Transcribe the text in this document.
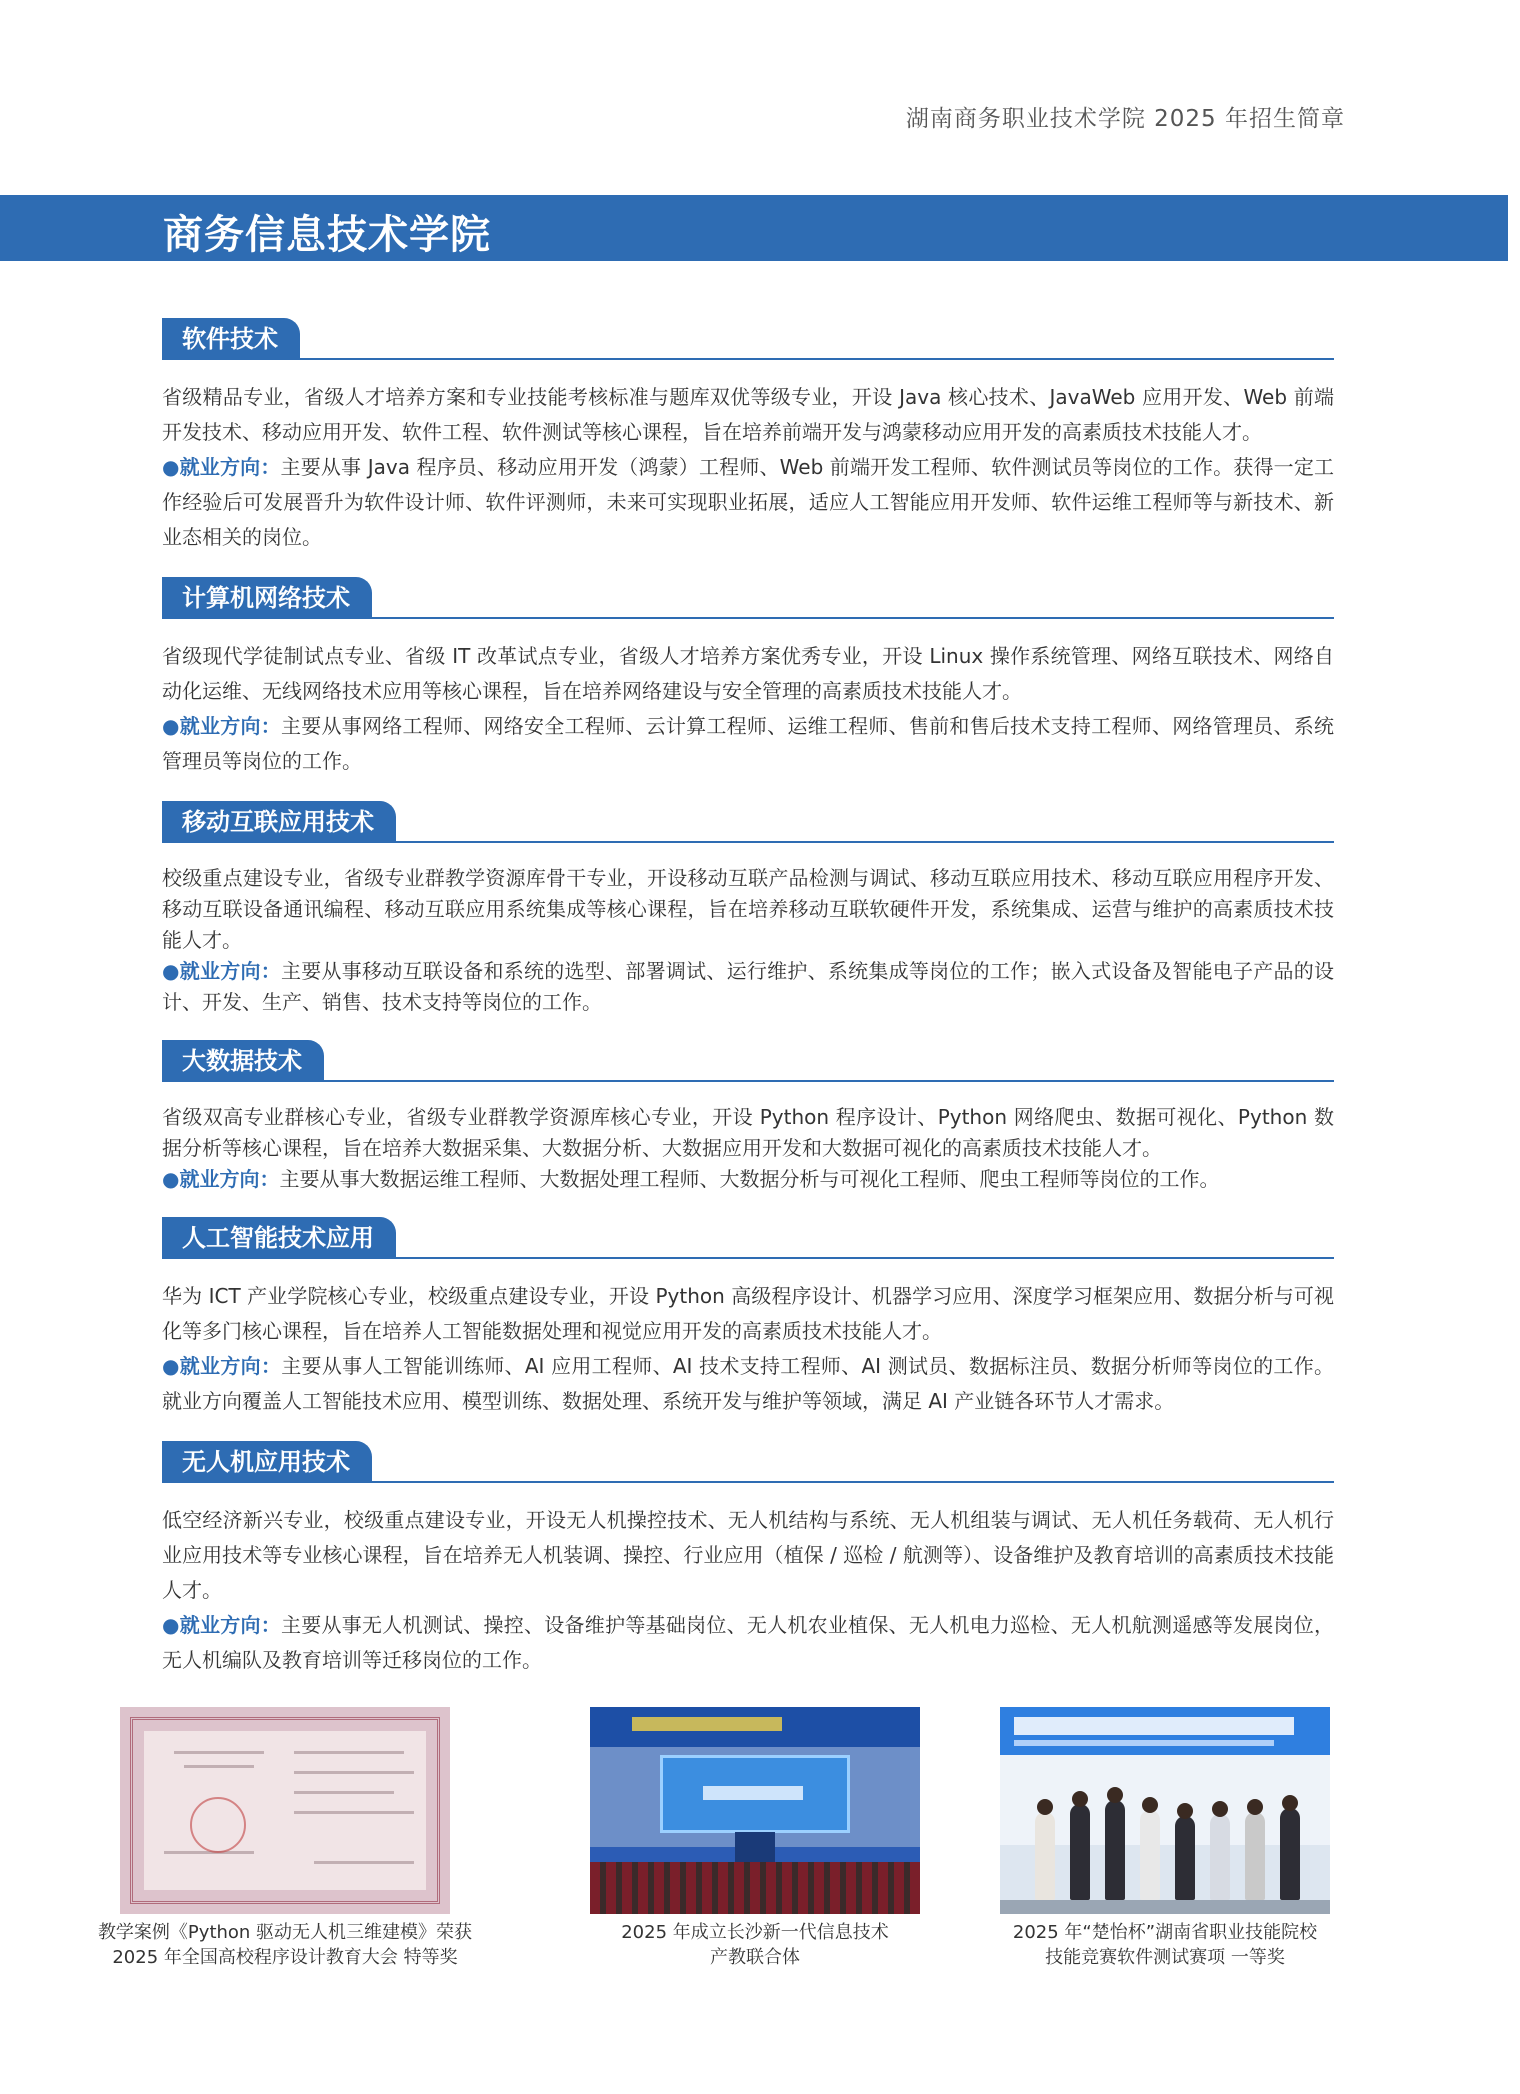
湖南商务职业技术学院 2025 年招生简章
商务信息技术学院
软件技术

省级精品专业，省级人才培养方案和专业技能考核标准与题库双优等级专业，开设 Java 核心技术、JavaWeb 应用开发、Web 前端开发技术、移动应用开发、软件工程、软件测试等核心课程，旨在培养前端开发与鸿蒙移动应用开发的高素质技术技能人才。

●就业方向：主要从事 Java 程序员、移动应用开发（鸿蒙）工程师、Web 前端开发工程师、软件测试员等岗位的工作。获得一定工作经验后可发展晋升为软件设计师、软件评测师，未来可实现职业拓展，适应人工智能应用开发师、软件运维工程师等与新技术、新业态相关的岗位。

计算机网络技术

省级现代学徒制试点专业、省级 IT 改革试点专业，省级人才培养方案优秀专业，开设 Linux 操作系统管理、网络互联技术、网络自动化运维、无线网络技术应用等核心课程，旨在培养网络建设与安全管理的高素质技术技能人才。

●就业方向：主要从事网络工程师、网络安全工程师、云计算工程师、运维工程师、售前和售后技术支持工程师、网络管理员、系统管理员等岗位的工作。

移动互联应用技术

校级重点建设专业，省级专业群教学资源库骨干专业，开设移动互联产品检测与调试、移动互联应用技术、移动互联应用程序开发、移动互联设备通讯编程、移动互联应用系统集成等核心课程，旨在培养移动互联软硬件开发，系统集成、运营与维护的高素质技术技能人才。

●就业方向：主要从事移动互联设备和系统的选型、部署调试、运行维护、系统集成等岗位的工作；嵌入式设备及智能电子产品的设计、开发、生产、销售、技术支持等岗位的工作。

大数据技术

省级双高专业群核心专业，省级专业群教学资源库核心专业，开设 Python 程序设计、Python 网络爬虫、数据可视化、Python 数据分析等核心课程，旨在培养大数据采集、大数据分析、大数据应用开发和大数据可视化的高素质技术技能人才。

●就业方向：主要从事大数据运维工程师、大数据处理工程师、大数据分析与可视化工程师、爬虫工程师等岗位的工作。

人工智能技术应用

华为 ICT 产业学院核心专业，校级重点建设专业，开设 Python 高级程序设计、机器学习应用、深度学习框架应用、数据分析与可视化等多门核心课程，旨在培养人工智能数据处理和视觉应用开发的高素质技术技能人才。

●就业方向：主要从事人工智能训练师、AI 应用工程师、AI 技术支持工程师、AI 测试员、数据标注员、数据分析师等岗位的工作。就业方向覆盖人工智能技术应用、模型训练、数据处理、系统开发与维护等领域，满足 AI 产业链各环节人才需求。

无人机应用技术

低空经济新兴专业，校级重点建设专业，开设无人机操控技术、无人机结构与系统、无人机组装与调试、无人机任务载荷、无人机行业应用技术等专业核心课程，旨在培养无人机装调、操控、行业应用（植保 / 巡检 / 航测等）、设备维护及教育培训的高素质技术技能人才。

●就业方向：主要从事无人机测试、操控、设备维护等基础岗位、无人机农业植保、无人机电力巡检、无人机航测遥感等发展岗位，无人机编队及教育培训等迁移岗位的工作。

教学案例《Python 驱动无人机三维建模》荣获
2025 年全国高校程序设计教育大会 特等奖
2025 年成立长沙新一代信息技术
产教联合体
2025 年“楚怡杯”湖南省职业技能院校
技能竞赛软件测试赛项 一等奖
